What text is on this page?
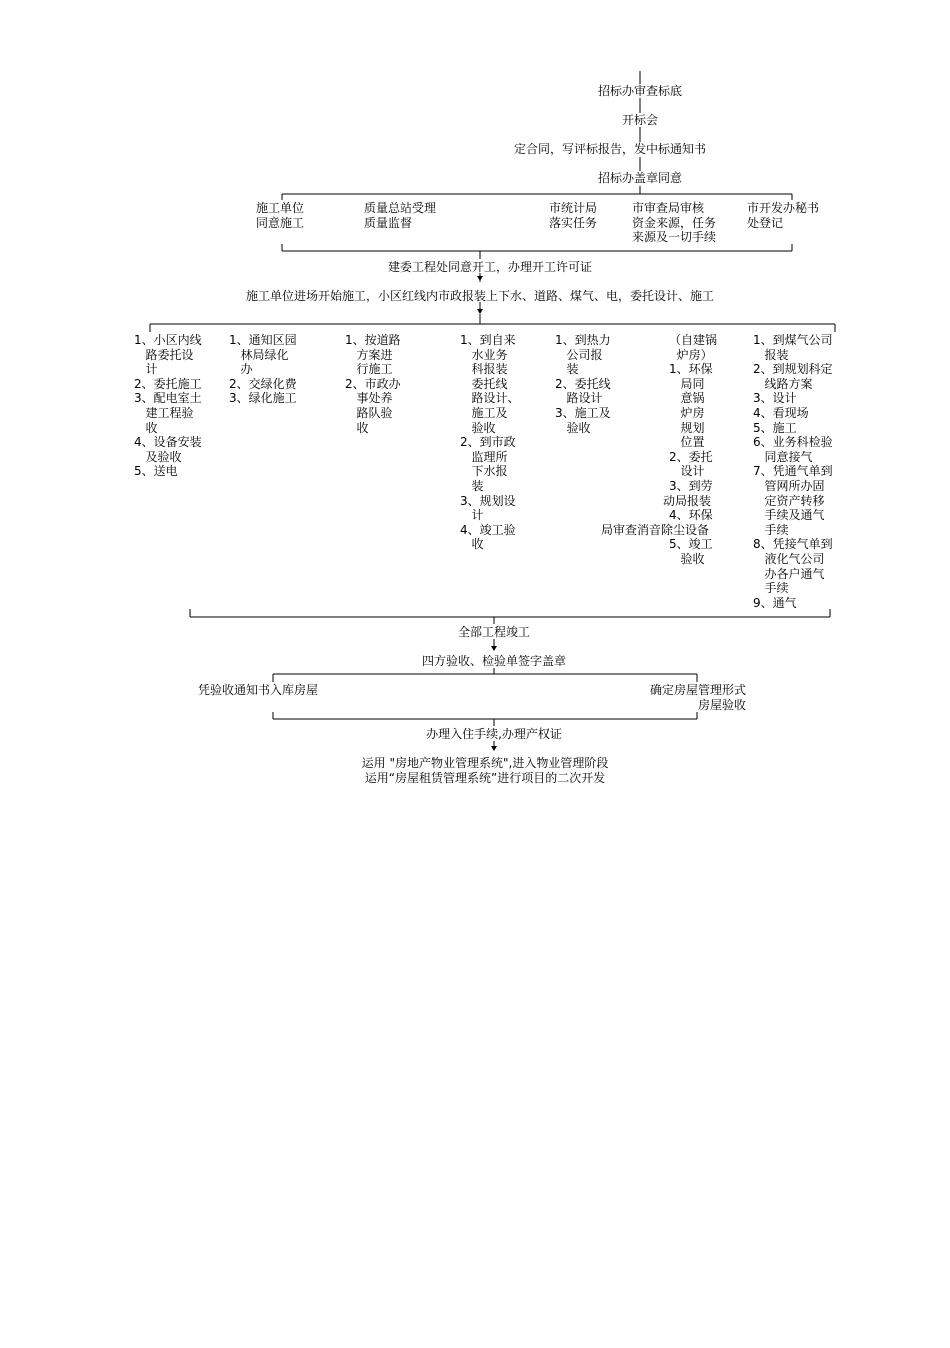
招标办审查标底

开标会

定合同，写评标报告，发中标通知书

招标办盖章同意

施工单位
同意施工

质量总站受理
质量监督

市统计局
落实任务

市审查局审核
资金来源，任务
来源及一切手续

市开发办秘书
处登记

建委工程处同意开工，办理开工许可证

施工单位进场开始施工，小区红线内市政报装上下水、道路、煤气、电，委托设计、施工

1、小区内线
路委托设
计
2、委托施工
3、配电室土
建工程验
收
4、设备安装
及验收
5、送电

1、通知区园
林局绿化
办
2、交绿化费
3、绿化施工

1、按道路
方案进
行施工
2、市政办
事处养
路队验
收

1、到自来
水业务
科报装
委托线
路设计、
施工及
验收
2、到市政
监理所
下水报
装
3、规划设
计
4、竣工验
收

1、到热力
公司报
装
2、委托线
路设计
3、施工及
验收

（自建锅
炉房）
1、环保
局同
意锅
炉房
规划
位置
2、委托
设计
3、到劳

动局报装

4、环保

局审查消音除尘设备

5、竣工
验收

1、到煤气公司
报装
2、到规划科定
线路方案
3、设计
4、看现场
5、施工
6、业务科检验
同意接气
7、凭通气单到
管网所办固
定资产转移
手续及通气
手续
8、凭接气单到
液化气公司
办各户通气
手续
9、通气

全部工程竣工

四方验收、检验单签字盖章

凭验收通知书入库房屋	确定房屋管理形式
房屋验收

办理入住手续,办理产权证

运用 "房地产物业管理系统",进入物业管理阶段

运用“房屋租赁管理系统”进行项目的二次开发
